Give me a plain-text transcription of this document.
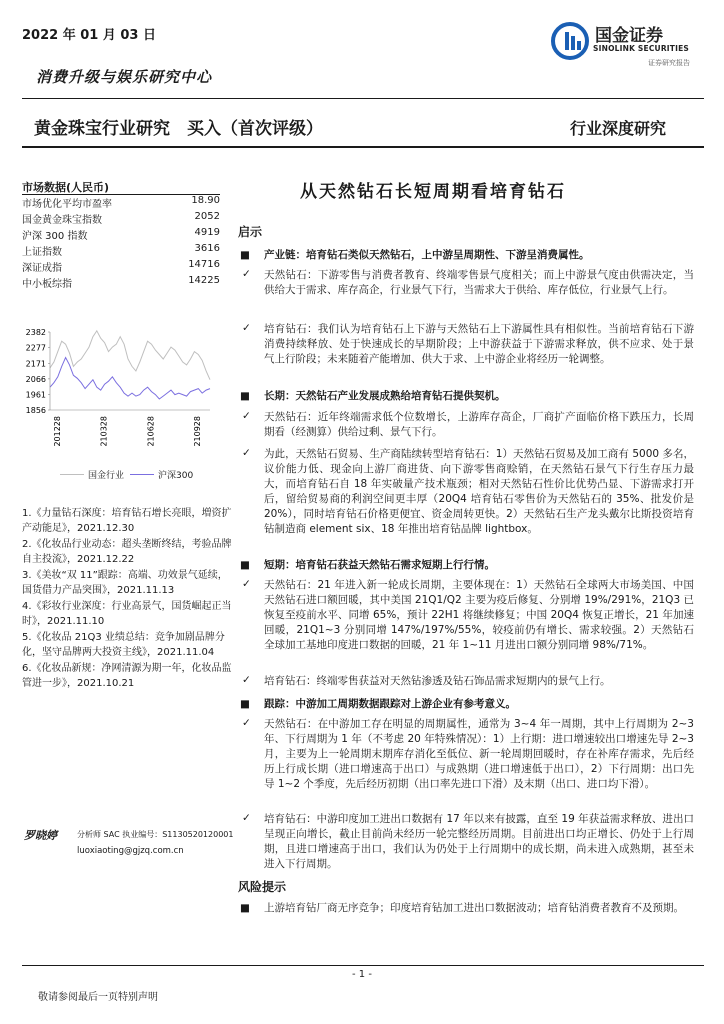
2022 年 01 月 03 日
消费升级与娱乐研究中心
国金证券
SINOLINK SECURITIES
证券研究报告
黄金珠宝行业研究　买入（首次评级）	行业深度研究
市场数据(人民币)
市场优化平均市盈率	18.90
国金黄金珠宝指数	2052
沪深 300 指数	4919
上证指数	3616
深证成指	14716
中小板综指	14225
2382
2277
2171
2066
1961
1856
201228	210328	210628	210928
国金行业	沪深300
1.《力量钻石深度：培育钻石增长亮眼，増资扩产动能足》，2021.12.30
2.《化妆品行业动态：超头垄断终结，考验品牌自主投流》，2021.12.22
3.《美妆“双 11”跟踪：高端、功效景气延续，国货借力产品突围》，2021.11.13
4.《彩妆行业深度：行业高景气，国货崛起正当时》，2021.11.10
5.《化妆品 21Q3 业绩总结：竞争加剧品牌分化，坚守品牌两大投资主线》，2021.11.04
6.《化妆品新规：净网清源为期一年，化妆品监管进一步》，2021.10.21
罗晓婷	分析师 SAC 执业编号：S1130520120001
luoxiaoting@gjzq.com.cn
从天然钻石长短周期看培育钻石
启示
■ 产业链：培育钻石类似天然钻石，上中游呈周期性、下游呈消费属性。
✓ 天然钻石：下游零售与消费者教育、终端零售景气度相关；而上中游景气度由供需决定，当供给大于需求、库存高企，行业景气下行，当需求大于供给、库存低位，行业景气上行。
✓ 培育钻石：我们认为培育钻石上下游与天然钻石上下游属性具有相似性。当前培育钻石下游消费持续释放、处于快速成长的早期阶段；上中游获益于下游需求释放，供不应求、处于景气上行阶段；未来随着产能增加、供大于求、上中游企业将经历一轮调整。
■ 长期：天然钻石产业发展成熟给培育钻石提供契机。
✓ 天然钻石：近年终端需求低个位数增长，上游库存高企，厂商扩产面临价格下跌压力，长周期看（经测算）供给过剩、景气下行。
✓ 为此，天然钻石贸易、生产商陆续转型培育钻石：1）天然钻石贸易及加工商有 5000 多名，议价能力低、现金向上游厂商进货、向下游零售商赊销，在天然钻石景气下行生存压力最大，而培育钻石自 18 年实破量产技术瓶颈；相对天然钻石性价比优势凸显、下游需求打开后，留给贸易商的利润空间更丰厚（20Q4 培育钻石零售价为天然钻石的 35%、批发价是 20%），同时培育钻石价格更便宜、资金周转更快。2）天然钻石生产龙头戴尔比斯投资培育钻制造商 element six、18 年推出培育钻品牌 lightbox。
■ 短期：培育钻石获益天然钻石需求短期上行行情。
✓ 天然钻石：21 年进入新一轮成长周期，主要体现在：1）天然钻石全球两大市场美国、中国天然钻石进口额回暖，其中美国 21Q1/Q2 主要为疫后修复、分别增 19%/291%，21Q3 已恢复至疫前水平、同增 65%，预计 22H1 将继续修复；中国 20Q4 恢复正增长，21 年加速回暖，21Q1~3 分别同增 147%/197%/55%，较疫前仍有增长、需求较强。2）天然钻石全球加工基地印度进口数据的回暖，21 年 1~11 月进出口额分别同增 98%/71%。
✓ 培育钻石：终端零售获益对天然钻渗透及钻石饰品需求短期内的景气上行。
■ 跟踪：中游加工周期数据跟踪对上游企业有参考意义。
✓ 天然钻石：在中游加工存在明显的周期属性，通常为 3~4 年一周期，其中上行周期为 2~3 年、下行周期为 1 年（不考虑 20 年特殊情况）：1）上行期：进口增速较出口增速先导 2~3 月，主要为上一轮周期末期库存消化至低位、新一轮周期回暖时，存在补库存需求，先后经历上行成长期（进口增速高于出口）与成熟期（进口增速低于出口），2）下行周期：出口先导 1~2 个季度，先后经历初期（出口率先进口下滑）及末期（出口、进口均下滑）。
✓ 培育钻石：中游印度加工进出口数据有 17 年以来有披露，直至 19 年获益需求释放、进出口呈现正向增长，截止目前尚未经历一轮完整经历周期。目前进出口均正增长、仍处于上行周期，且进口增速高于出口，我们认为仍处于上行周期中的成长期，尚未进入成熟期，甚至未进入下行周期。
风险提示
■ 上游培育钻厂商无序竞争；印度培育钻加工进出口数据波动；培育钻消费者教育不及预期。
- 1 -
敬请参阅最后一页特别声明
